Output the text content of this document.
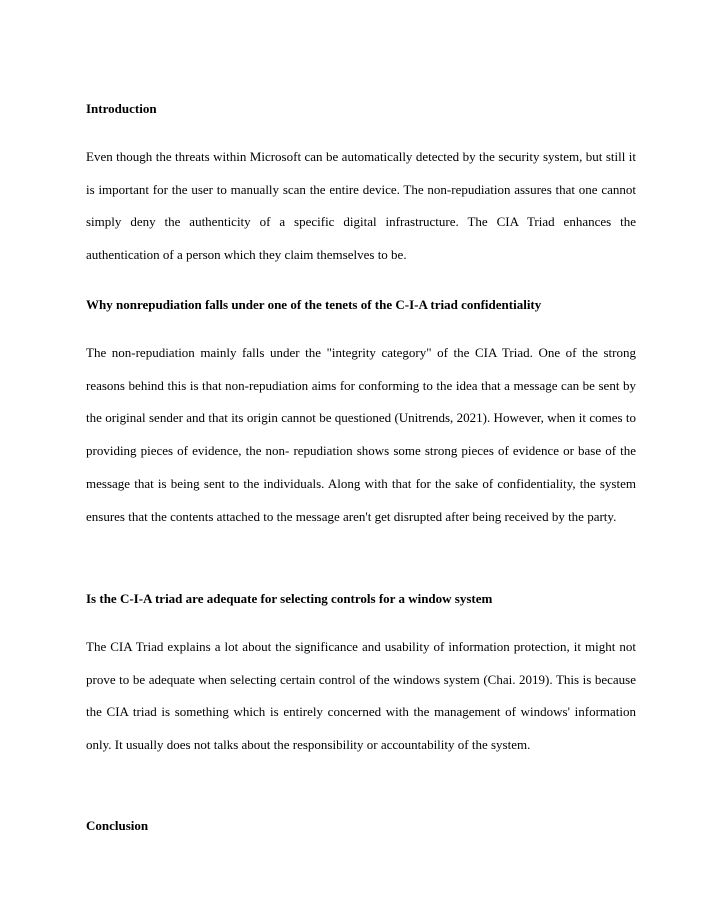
Introduction

Even though the threats within Microsoft can be automatically detected by the security system, but still it is important for the user to manually scan the entire device. The non-repudiation assures that one cannot simply deny the authenticity of a specific digital infrastructure. The CIA Triad enhances the authentication of a person which they claim themselves to be.

Why nonrepudiation falls under one of the tenets of the C-I-A triad confidentiality

The non-repudiation mainly falls under the "integrity category" of the CIA Triad. One of the strong reasons behind this is that non-repudiation aims for conforming to the idea that a message can be sent by the original sender and that its origin cannot be questioned (Unitrends, 2021). However, when it comes to providing pieces of evidence, the non- repudiation shows some strong pieces of evidence or base of the message that is being sent to the individuals. Along with that for the sake of confidentiality, the system ensures that the contents attached to the message aren't get disrupted after being received by the party.

Is the C-I-A triad are adequate for selecting controls for a window system

The CIA Triad explains a lot about the significance and usability of information protection, it might not prove to be adequate when selecting certain control of the windows system (Chai. 2019). This is because the CIA triad is something which is entirely concerned with the management of windows' information only. It usually does not talks about the responsibility or accountability of the system.

Conclusion
